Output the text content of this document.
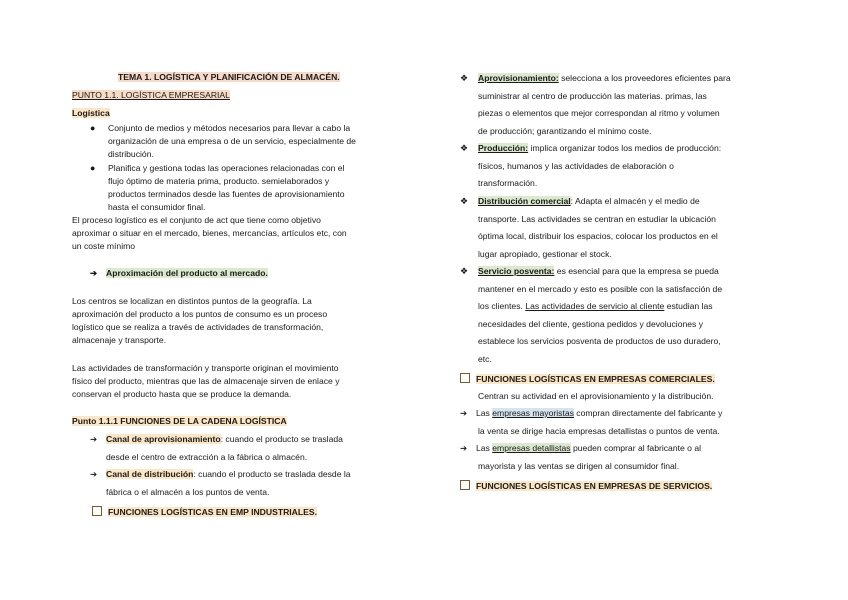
TEMA 1. LOGÍSTICA Y PLANIFICACIÓN DE ALMACÉN.
PUNTO 1.1. LOGÍSTICA EMPRESARIAL
Logística
● Conjunto de medios y métodos necesarios para llevar a cabo la

organización de una empresa o de un servicio, especialmente de

distribución.

● Planifica y gestiona todas las operaciones relacionadas con el

flujo óptimo de materia prima, producto. semielaborados y

productos terminados desde las fuentes de aprovisionamiento

hasta el consumidor final.

El proceso logístico es el conjunto de act que tiene como objetivo

aproximar o situar en el mercado, bienes, mercancías, artículos etc, con

un coste mínimo

➔ Aproximación del producto al mercado.

Los centros se localizan en distintos puntos de la geografía. La

aproximación del producto a los puntos de consumo es un proceso

logístico que se realiza a través de actividades de transformación,

almacenaje y transporte.

Las actividades de transformación y transporte originan el movimiento

físico del producto, mientras que las de almacenaje sirven de enlace y

conservan el producto hasta que se produce la demanda.

Punto 1.1.1 FUNCIONES DE LA CADENA LOGÍSTICA

➔ Canal de aprovisionamiento: cuando el producto se traslada

desde el centro de extracción a la fábrica o almacén.

➔ Canal de distribución: cuando el producto se traslada desde la

fábrica o el almacén a los puntos de venta.

FUNCIONES LOGÍSTICAS EN EMP INDUSTRIALES.
❖ Aprovisionamiento: selecciona a los proveedores eficientes para

suministrar al centro de producción las materias. primas, las

piezas o elementos que mejor correspondan al ritmo y volumen

de producción; garantizando el mínimo coste.

❖ Producción: implica organizar todos los medios de producción:

físicos, humanos y las actividades de elaboración o

transformación.

❖ Distribución comercial: Adapta el almacén y el medio de

transporte. Las actividades se centran en estudiar la ubicación

óptima local, distribuir los espacios, colocar los productos en el

lugar apropiado, gestionar el stock.

❖ Servicio posventa: es esencial para que la empresa se pueda

mantener en el mercado y esto es posible con la satisfacción de

los clientes. Las actividades de servicio al cliente estudian las

necesidades del cliente, gestiona pedidos y devoluciones y

establece los servicios posventa de productos de uso duradero,

etc.

FUNCIONES LOGÍSTICAS EN EMPRESAS COMERCIALES.

Centran su actividad en el aprovisionamiento y la distribución.

➔ Las empresas mayoristas compran directamente del fabricante y

la venta se dirige hacia empresas detallistas o puntos de venta.

➔ Las empresas detallistas pueden comprar al fabricante o al

mayorista y las ventas se dirigen al consumidor final.

FUNCIONES LOGÍSTICAS EN EMPRESAS DE SERVICIOS.
